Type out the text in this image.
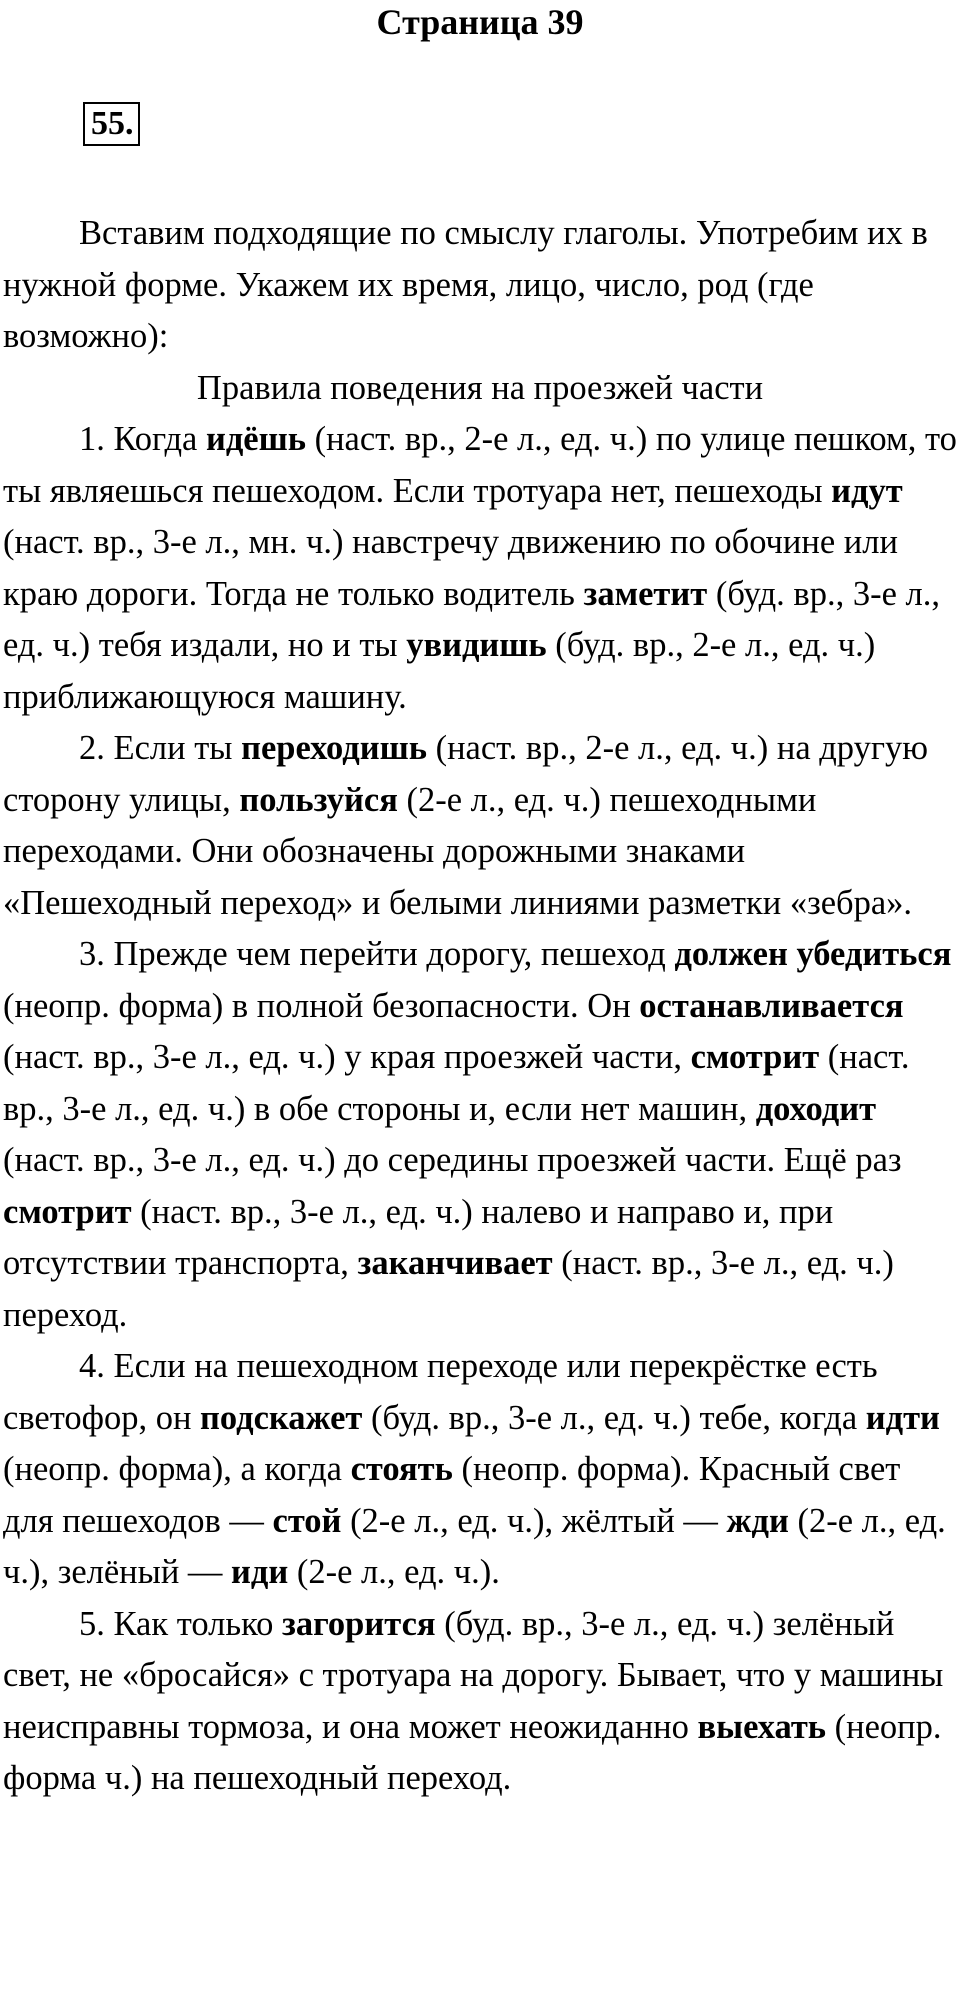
Страница 39
55.

Вставим подходящие по смыслу глаголы. Употребим их в нужной форме. Укажем их время, лицо, число, род (где возможно):

Правила поведения на проезжей части

1. Когда идёшь (наст. вр., 2-е л., ед. ч.) по улице пешком, то ты являешься пешеходом. Если тротуара нет, пешеходы идут (наст. вр., 3-е л., мн. ч.) навстречу движению по обочине или краю дороги. Тогда не только водитель заметит (буд. вр., 3-е л., ед. ч.) тебя издали, но и ты увидишь (буд. вр., 2-е л., ед. ч.) приближающуюся машину.

2. Если ты переходишь (наст. вр., 2-е л., ед. ч.) на другую сторону улицы, пользуйся (2-е л., ед. ч.) пешеходными переходами. Они обозначены дорожными знаками «Пешеходный переход» и белыми линиями разметки «зебра».

3. Прежде чем перейти дорогу, пешеход должен убедиться (неопр. форма) в полной безопасности. Он останавливается (наст. вр., 3-е л., ед. ч.) у края проезжей части, смотрит (наст. вр., 3-е л., ед. ч.) в обе стороны и, если нет машин, доходит (наст. вр., 3-е л., ед. ч.) до середины проезжей части. Ещё раз смотрит (наст. вр., 3-е л., ед. ч.) налево и направо и, при отсутствии транспорта, заканчивает (наст. вр., 3-е л., ед. ч.) переход.

4. Если на пешеходном переходе или перекрёстке есть светофор, он подскажет (буд. вр., 3-е л., ед. ч.) тебе, когда идти (неопр. форма), а когда стоять (неопр. форма). Красный свет для пешеходов — стой (2-е л., ед. ч.), жёлтый — жди (2-е л., ед. ч.), зелёный — иди (2-е л., ед. ч.).

5. Как только загорится (буд. вр., 3-е л., ед. ч.) зелёный свет, не «бросайся» с тротуара на дорогу. Бывает, что у машины неисправны тормоза, и она может неожиданно выехать (неопр. форма ч.) на пешеходный переход.
